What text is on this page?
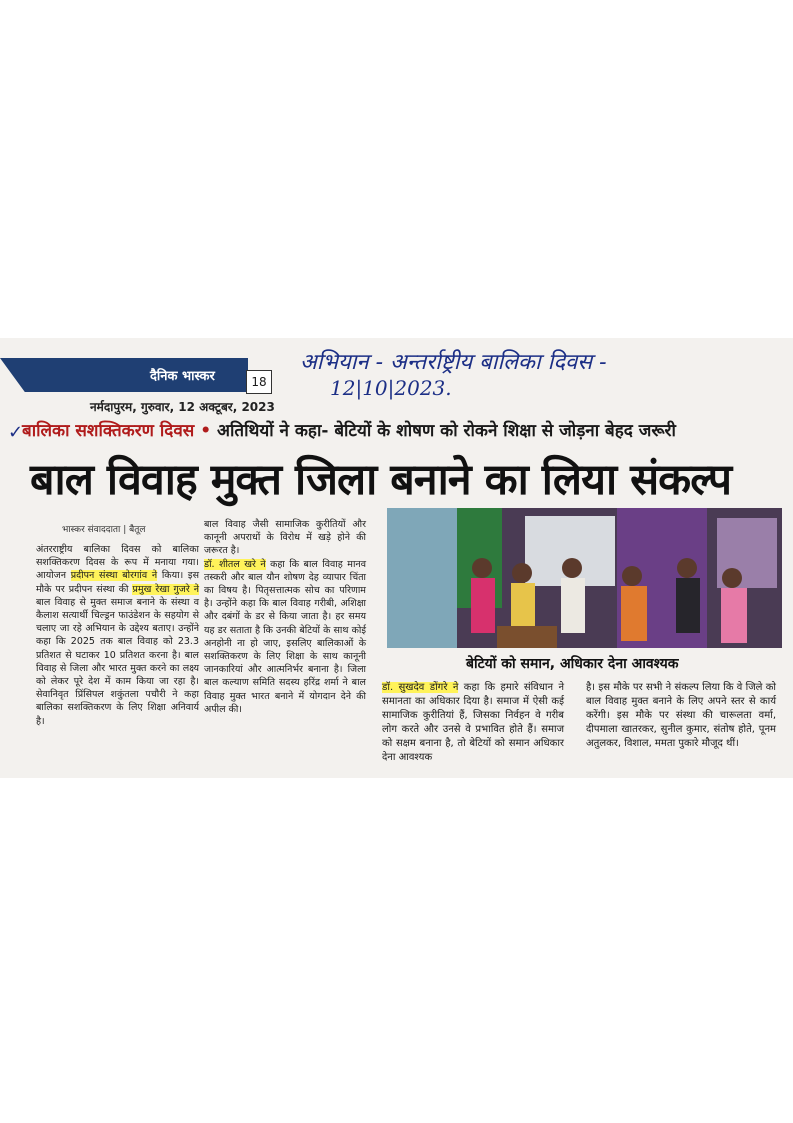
दैनिक भास्कर	18
नर्मदापुरम, गुरुवार, 12 अक्टूबर, 2023
अभियान - अन्तर्राष्ट्रीय बालिका दिवस -
12|10|2023.
✓
बालिका सशक्तिकरण दिवस • अतिथियों ने कहा- बेटियों के शोषण को रोकने शिक्षा से जोड़ना बेहद जरूरी
बाल विवाह मुक्त जिला बनाने का लिया संकल्प
भास्कर संवाददाता | बैतूल

अंतरराष्ट्रीय बालिका दिवस को बालिका सशक्तिकरण दिवस के रूप में मनाया गया। आयोजन प्रदीपन संस्था बोरगांव ने किया। इस मौके पर प्रदीपन संस्था की प्रमुख रेखा गुजरे ने बाल विवाह से मुक्त समाज बनाने के संस्था व कैलाश सत्यार्थी चिल्ड्रन फाउंडेशन के सहयोग से चलाए जा रहे अभियान के उद्देश्य बताए। उन्होंने कहा कि 2025 तक बाल विवाह को 23.3 प्रतिशत से घटाकर 10 प्रतिशत करना है। बाल विवाह से जिला और भारत मुक्त करने का लक्ष्य को लेकर पूरे देश में काम किया जा रहा है। सेवानिवृत प्रिंसिपल शकुंतला पचौरी ने कहा बालिका सशक्तिकरण के लिए शिक्षा अनिवार्य है।

बाल विवाह जैसी सामाजिक कुरीतियों और कानूनी अपराधों के विरोध में खड़े होने की जरूरत है।

डॉ. शीतल खरे ने कहा कि बाल विवाह मानव तस्करी और बाल यौन शोषण देह व्यापार चिंता का विषय है। पितृसत्तात्मक सोच का परिणाम है। उन्होंने कहा कि बाल विवाह गरीबी, अशिक्षा और दबंगों के डर से किया जाता है। हर समय यह डर सताता है कि उनकी बेटियों के साथ कोई अनहोनी ना हो जाए, इसलिए बालिकाओं के सशक्तिकरण के लिए शिक्षा के साथ कानूनी जानकारियां और आत्मनिर्भर बनाना है। जिला बाल कल्याण समिति सदस्य हरिंद्र शर्मा ने बाल विवाह मुक्त भारत बनाने में योगदान देने की अपील की।

बेटियों को समान, अधिकार देना आवश्यक

डॉ. सुखदेव डोंगरे ने कहा कि हमारे संविधान ने समानता का अधिकार दिया है। समाज में ऐसी कई सामाजिक कुरीतियां हैं, जिसका निर्वहन वे गरीब लोग करते और उनसे वे प्रभावित होते हैं। समाज को सक्षम बनाना है, तो बेटियों को समान अधिकार देना आवश्यक

है। इस मौके पर सभी ने संकल्प लिया कि वे जिले को बाल विवाह मुक्त बनाने के लिए अपने स्तर से कार्य करेंगी। इस मौके पर संस्था की चारूलता वर्मा, दीपमाला खातरकर, सुनील कुमार, संतोष होते, पूनम अतुलकर, विशाल, ममता पुकारे मौजूद थीं।
